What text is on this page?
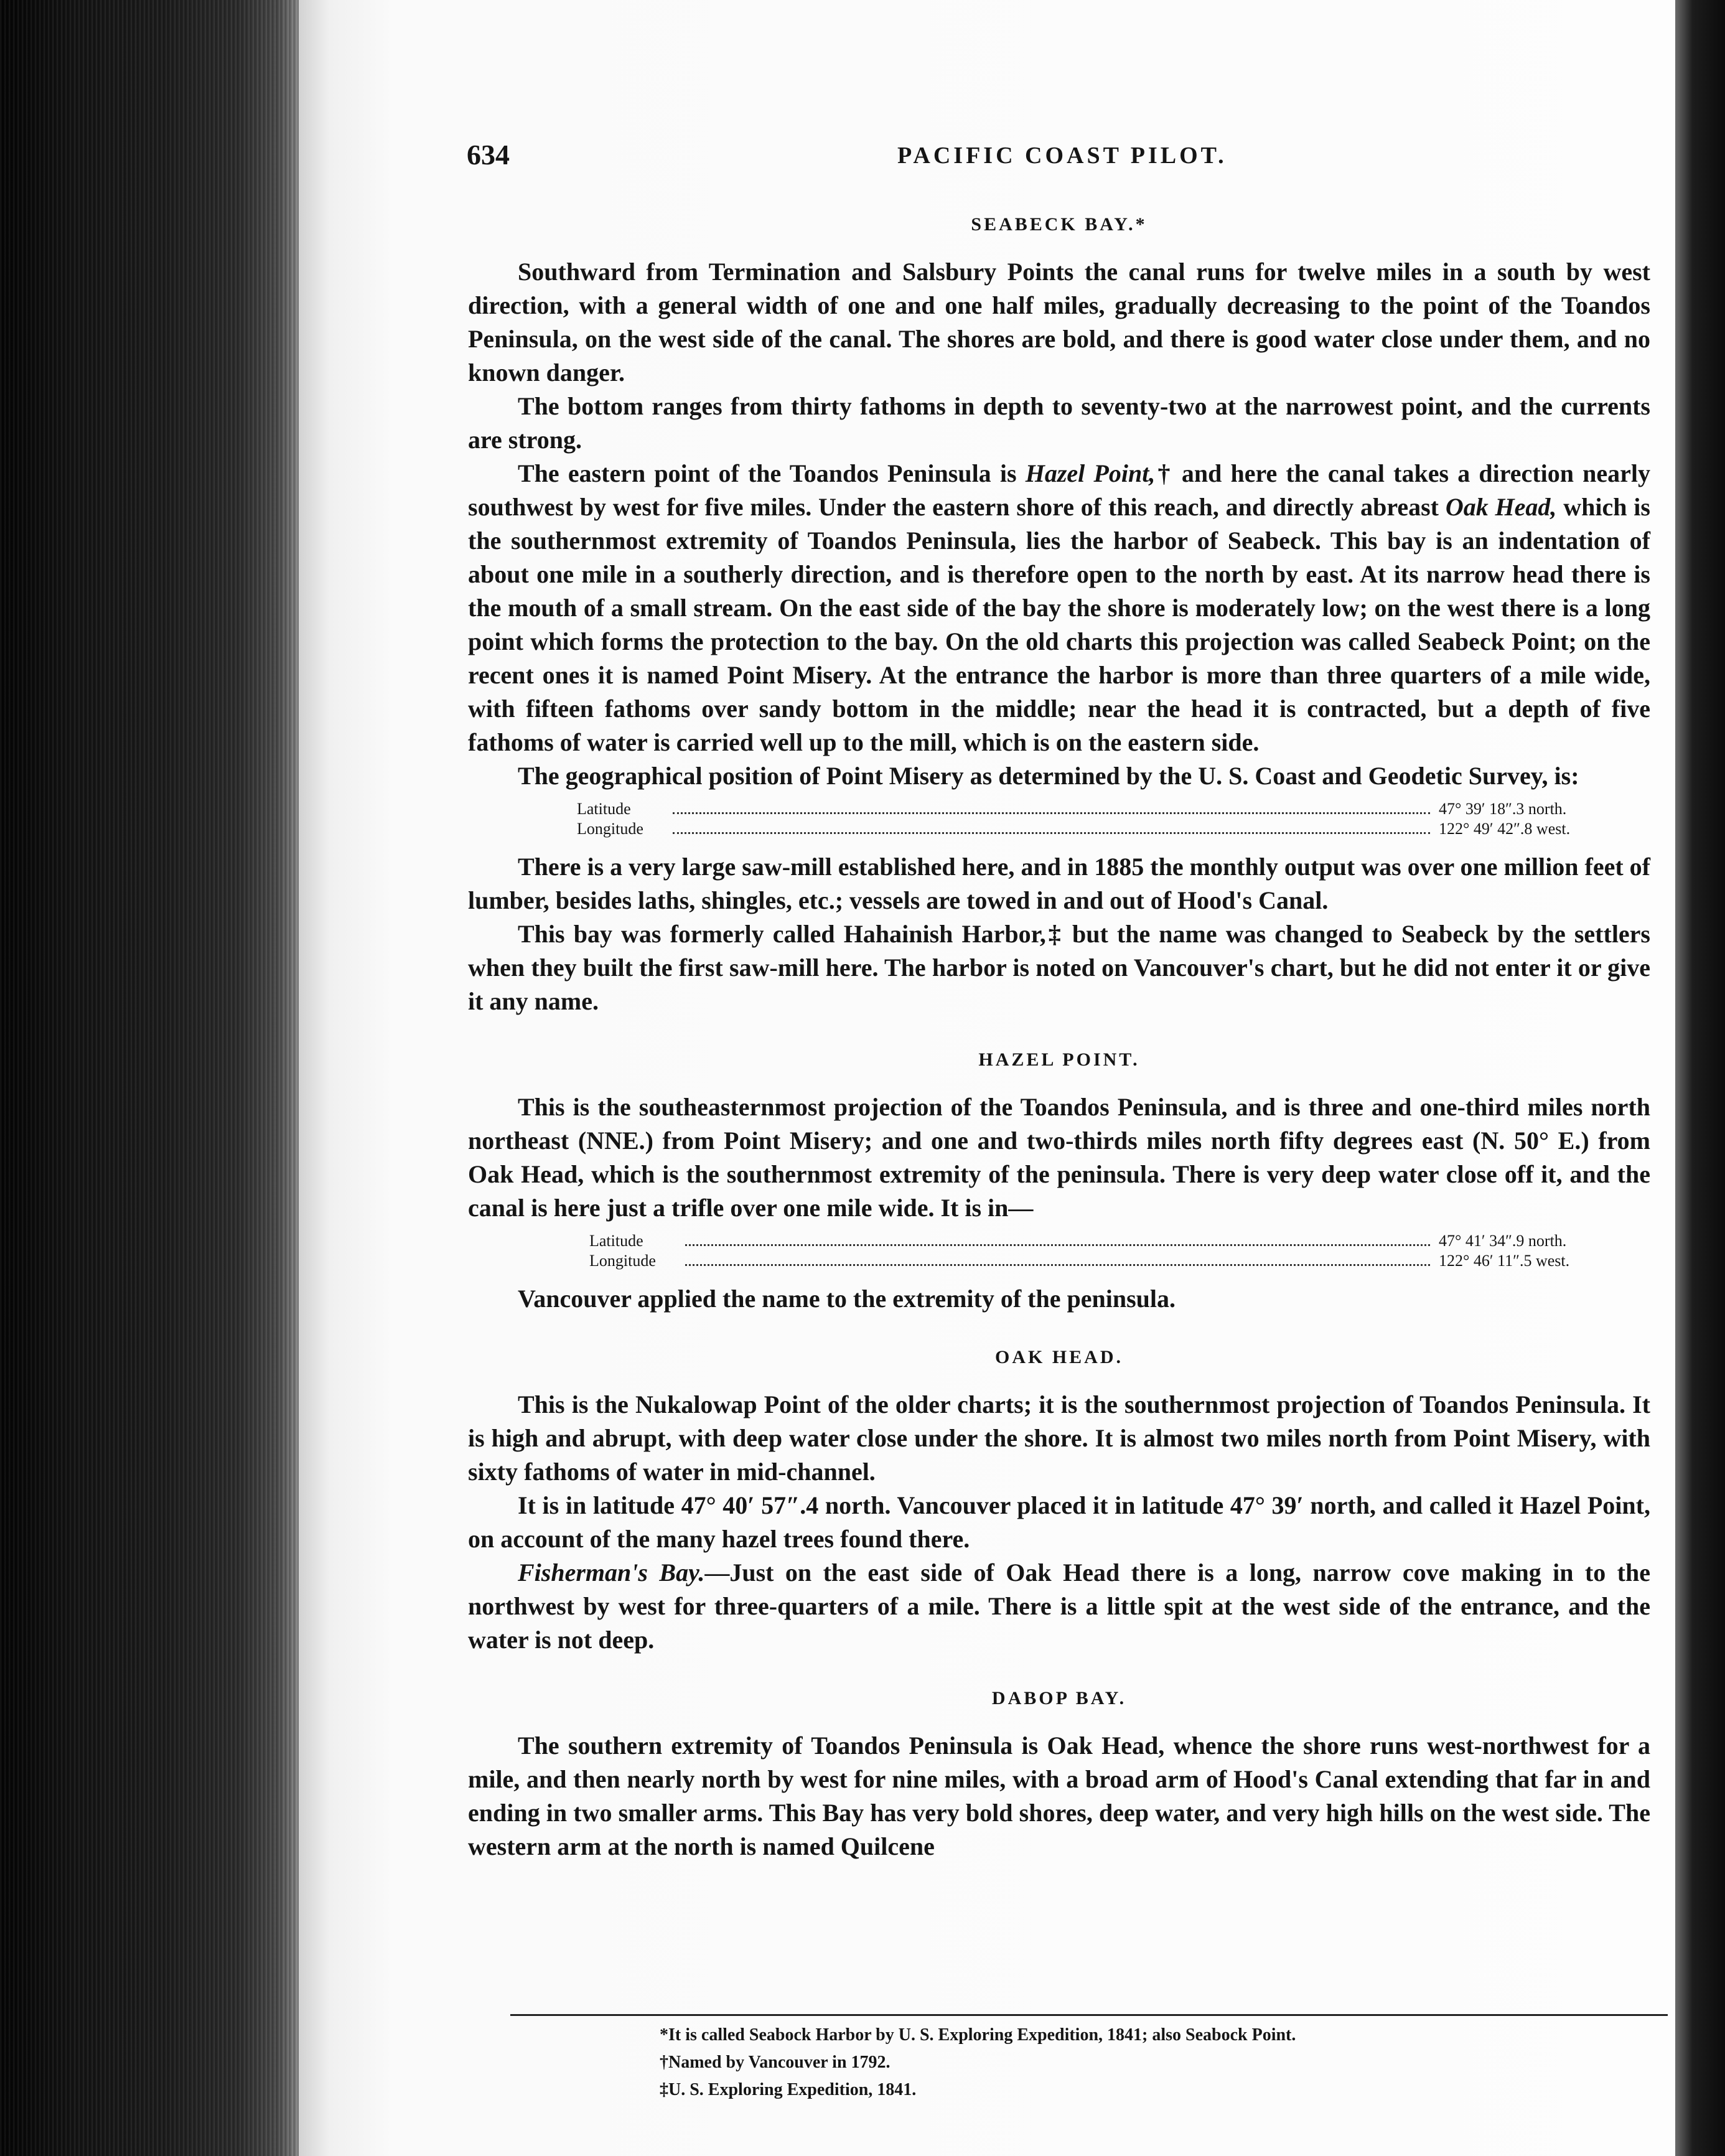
634	PACIFIC COAST PILOT.
SEABECK BAY.*

Southward from Termination and Salsbury Points the canal runs for twelve miles in a south by west direction, with a general width of one and one half miles, gradually decreasing to the point of the Toandos Peninsula, on the west side of the canal. The shores are bold, and there is good water close under them, and no known danger.

The bottom ranges from thirty fathoms in depth to seventy-two at the narrowest point, and the currents are strong.

The eastern point of the Toandos Peninsula is Hazel Point,† and here the canal takes a direction nearly southwest by west for five miles. Under the eastern shore of this reach, and directly abreast Oak Head, which is the southernmost extremity of Toandos Peninsula, lies the harbor of Seabeck. This bay is an indentation of about one mile in a southerly direction, and is therefore open to the north by east. At its narrow head there is the mouth of a small stream. On the east side of the bay the shore is moderately low; on the west there is a long point which forms the protection to the bay. On the old charts this projection was called Seabeck Point; on the recent ones it is named Point Misery. At the entrance the harbor is more than three quarters of a mile wide, with fifteen fathoms over sandy bottom in the middle; near the head it is contracted, but a depth of five fathoms of water is carried well up to the mill, which is on the eastern side.

The geographical position of Point Misery as determined by the U. S. Coast and Geodetic Survey, is:

Latitude	47° 39′ 18″.3 north.
Longitude	122° 49′ 42″.8 west.

There is a very large saw-mill established here, and in 1885 the monthly output was over one million feet of lumber, besides laths, shingles, etc.; vessels are towed in and out of Hood's Canal.

This bay was formerly called Hahainish Harbor,‡ but the name was changed to Seabeck by the settlers when they built the first saw-mill here. The harbor is noted on Vancouver's chart, but he did not enter it or give it any name.

HAZEL POINT.

This is the southeasternmost projection of the Toandos Peninsula, and is three and one-third miles north northeast (NNE.) from Point Misery; and one and two-thirds miles north fifty degrees east (N. 50° E.) from Oak Head, which is the southernmost extremity of the peninsula. There is very deep water close off it, and the canal is here just a trifle over one mile wide. It is in—

Latitude	47° 41′ 34″.9 north.
Longitude	122° 46′ 11″.5 west.

Vancouver applied the name to the extremity of the peninsula.

OAK HEAD.

This is the Nukalowap Point of the older charts; it is the southernmost projection of Toandos Peninsula. It is high and abrupt, with deep water close under the shore. It is almost two miles north from Point Misery, with sixty fathoms of water in mid-channel.

It is in latitude 47° 40′ 57″.4 north. Vancouver placed it in latitude 47° 39′ north, and called it Hazel Point, on account of the many hazel trees found there.

Fisherman's Bay.—Just on the east side of Oak Head there is a long, narrow cove making in to the northwest by west for three-quarters of a mile. There is a little spit at the west side of the entrance, and the water is not deep.

DABOP BAY.

The southern extremity of Toandos Peninsula is Oak Head, whence the shore runs west-northwest for a mile, and then nearly north by west for nine miles, with a broad arm of Hood's Canal extending that far in and ending in two smaller arms. This Bay has very bold shores, deep water, and very high hills on the west side. The western arm at the north is named Quilcene

*It is called Seabock Harbor by U. S. Exploring Expedition, 1841; also Seabock Point.
†Named by Vancouver in 1792.
‡U. S. Exploring Expedition, 1841.
